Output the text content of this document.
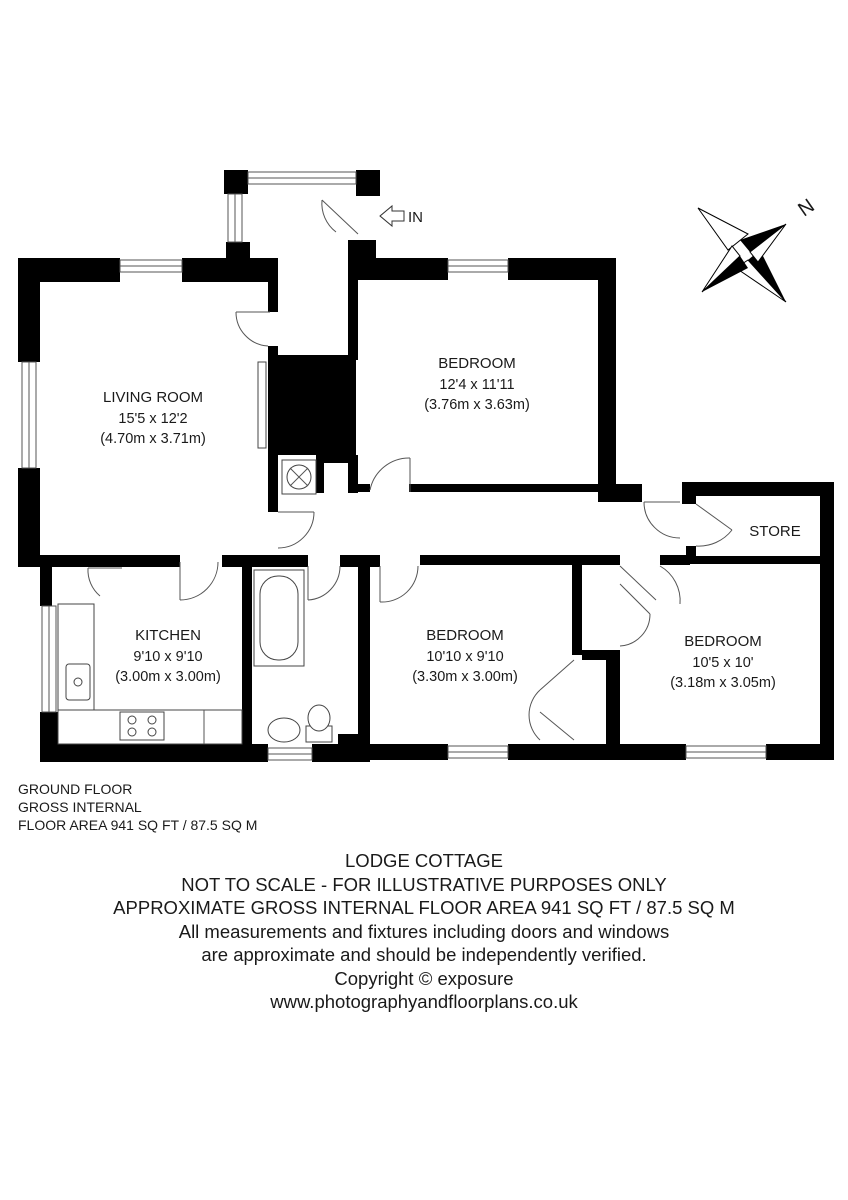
N
IN
LIVING ROOM
15'5 x 12'2
(4.70m x 3.71m)
BEDROOM
12'4 x 11'11
(3.76m x 3.63m)
STORE
KITCHEN
9'10 x 9'10
(3.00m x 3.00m)
BEDROOM
10'10 x 9'10
(3.30m x 3.00m)
BEDROOM
10'5 x 10'
(3.18m x 3.05m)
GROUND FLOOR
GROSS INTERNAL
FLOOR AREA 941 SQ FT / 87.5 SQ M
LODGE COTTAGE
NOT TO SCALE - FOR ILLUSTRATIVE PURPOSES ONLY
APPROXIMATE GROSS INTERNAL FLOOR AREA 941 SQ FT / 87.5 SQ M
All measurements and fixtures including doors and windows
are approximate and should be independently verified.
Copyright © exposure
www.photographyandfloorplans.co.uk
